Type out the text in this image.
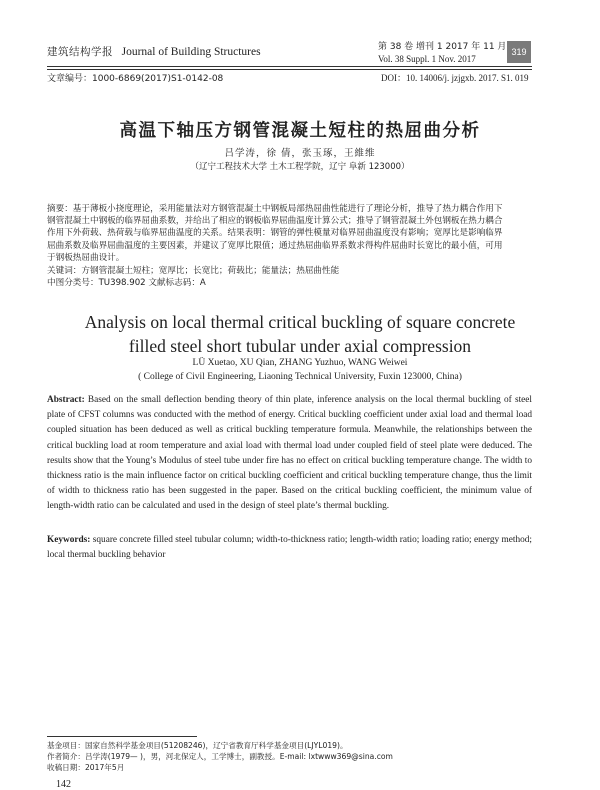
建筑结构学报 Journal of Building Structures	第 38 卷 增刊 1 2017 年 11 月
Vol. 38 Suppl. 1 Nov. 2017
319
文章编号：1000-6869(2017)S1-0142-08	DOI：10. 14006/j. jzjgxb. 2017. S1. 019
高温下轴压方钢管混凝土短柱的热屈曲分析
吕学涛，徐 倩，张玉琢，王維维
（辽宁工程技术大学 土木工程学院，辽宁 阜新 123000）

摘要：基于薄板小挠度理论，采用能量法对方钢管混凝土中钢板局部热屈曲性能进行了理论分析，推导了热力耦合作用下

钢管混凝土中钢板的临界屈曲系数，并给出了相应的钢板临界屈曲温度计算公式；推导了钢管混凝土外包钢板在热力耦合

作用下外荷载、热荷载与临界屈曲温度的关系。结果表明：钢管的弹性模量对临界屈曲温度没有影响；宽厚比是影响临界

屈曲系数及临界屈曲温度的主要因素，并建议了宽厚比限值；通过热屈曲临界系数求得构件屈曲时长宽比的最小值，可用

于钢板热屈曲设计。

关键词：方钢管混凝土短柱；宽厚比；长宽比；荷载比；能量法；热屈曲性能
中图分类号：TU398.902 文献标志码：A
Analysis on local thermal critical buckling of square concrete
filled steel short tubular under axial compression
LÜ Xuetao, XU Qian, ZHANG Yuzhuo, WANG Weiwei
( College of Civil Engineering, Liaoning Technical University, Fuxin 123000, China)
Abstract: Based on the small deflection bending theory of thin plate, inference analysis on the local thermal buckling of steel plate of CFST columns was conducted with the method of energy. Critical buckling coefficient under axial load and thermal load coupled situation has been deduced as well as critical buckling temperature formula. Meanwhile, the relationships between the critical buckling load at room temperature and axial load with thermal load under coupled field of steel plate were deduced. The results show that the Young’s Modulus of steel tube under fire has no effect on critical buckling temperature change. The width to thickness ratio is the main influence factor on critical buckling coefficient and critical buckling temperature change, thus the limit of width to thickness ratio has been suggested in the paper. Based on the critical buckling coefficient, the minimum value of length-width ratio can be calculated and used in the design of steel plate’s thermal buckling.
Keywords: square concrete filled steel tubular column; width-to-thickness ratio; length-width ratio; loading ratio; energy method; local thermal buckling behavior
基金项目：国家自然科学基金项目(51208246)，辽宁省教育厅科学基金项目(LJYL019)。
作者简介：吕学涛(1979— )，男，河北保定人，工学博士，副教授。E-mail: lxtwww369@sina.com
收稿日期：2017年5月
142
